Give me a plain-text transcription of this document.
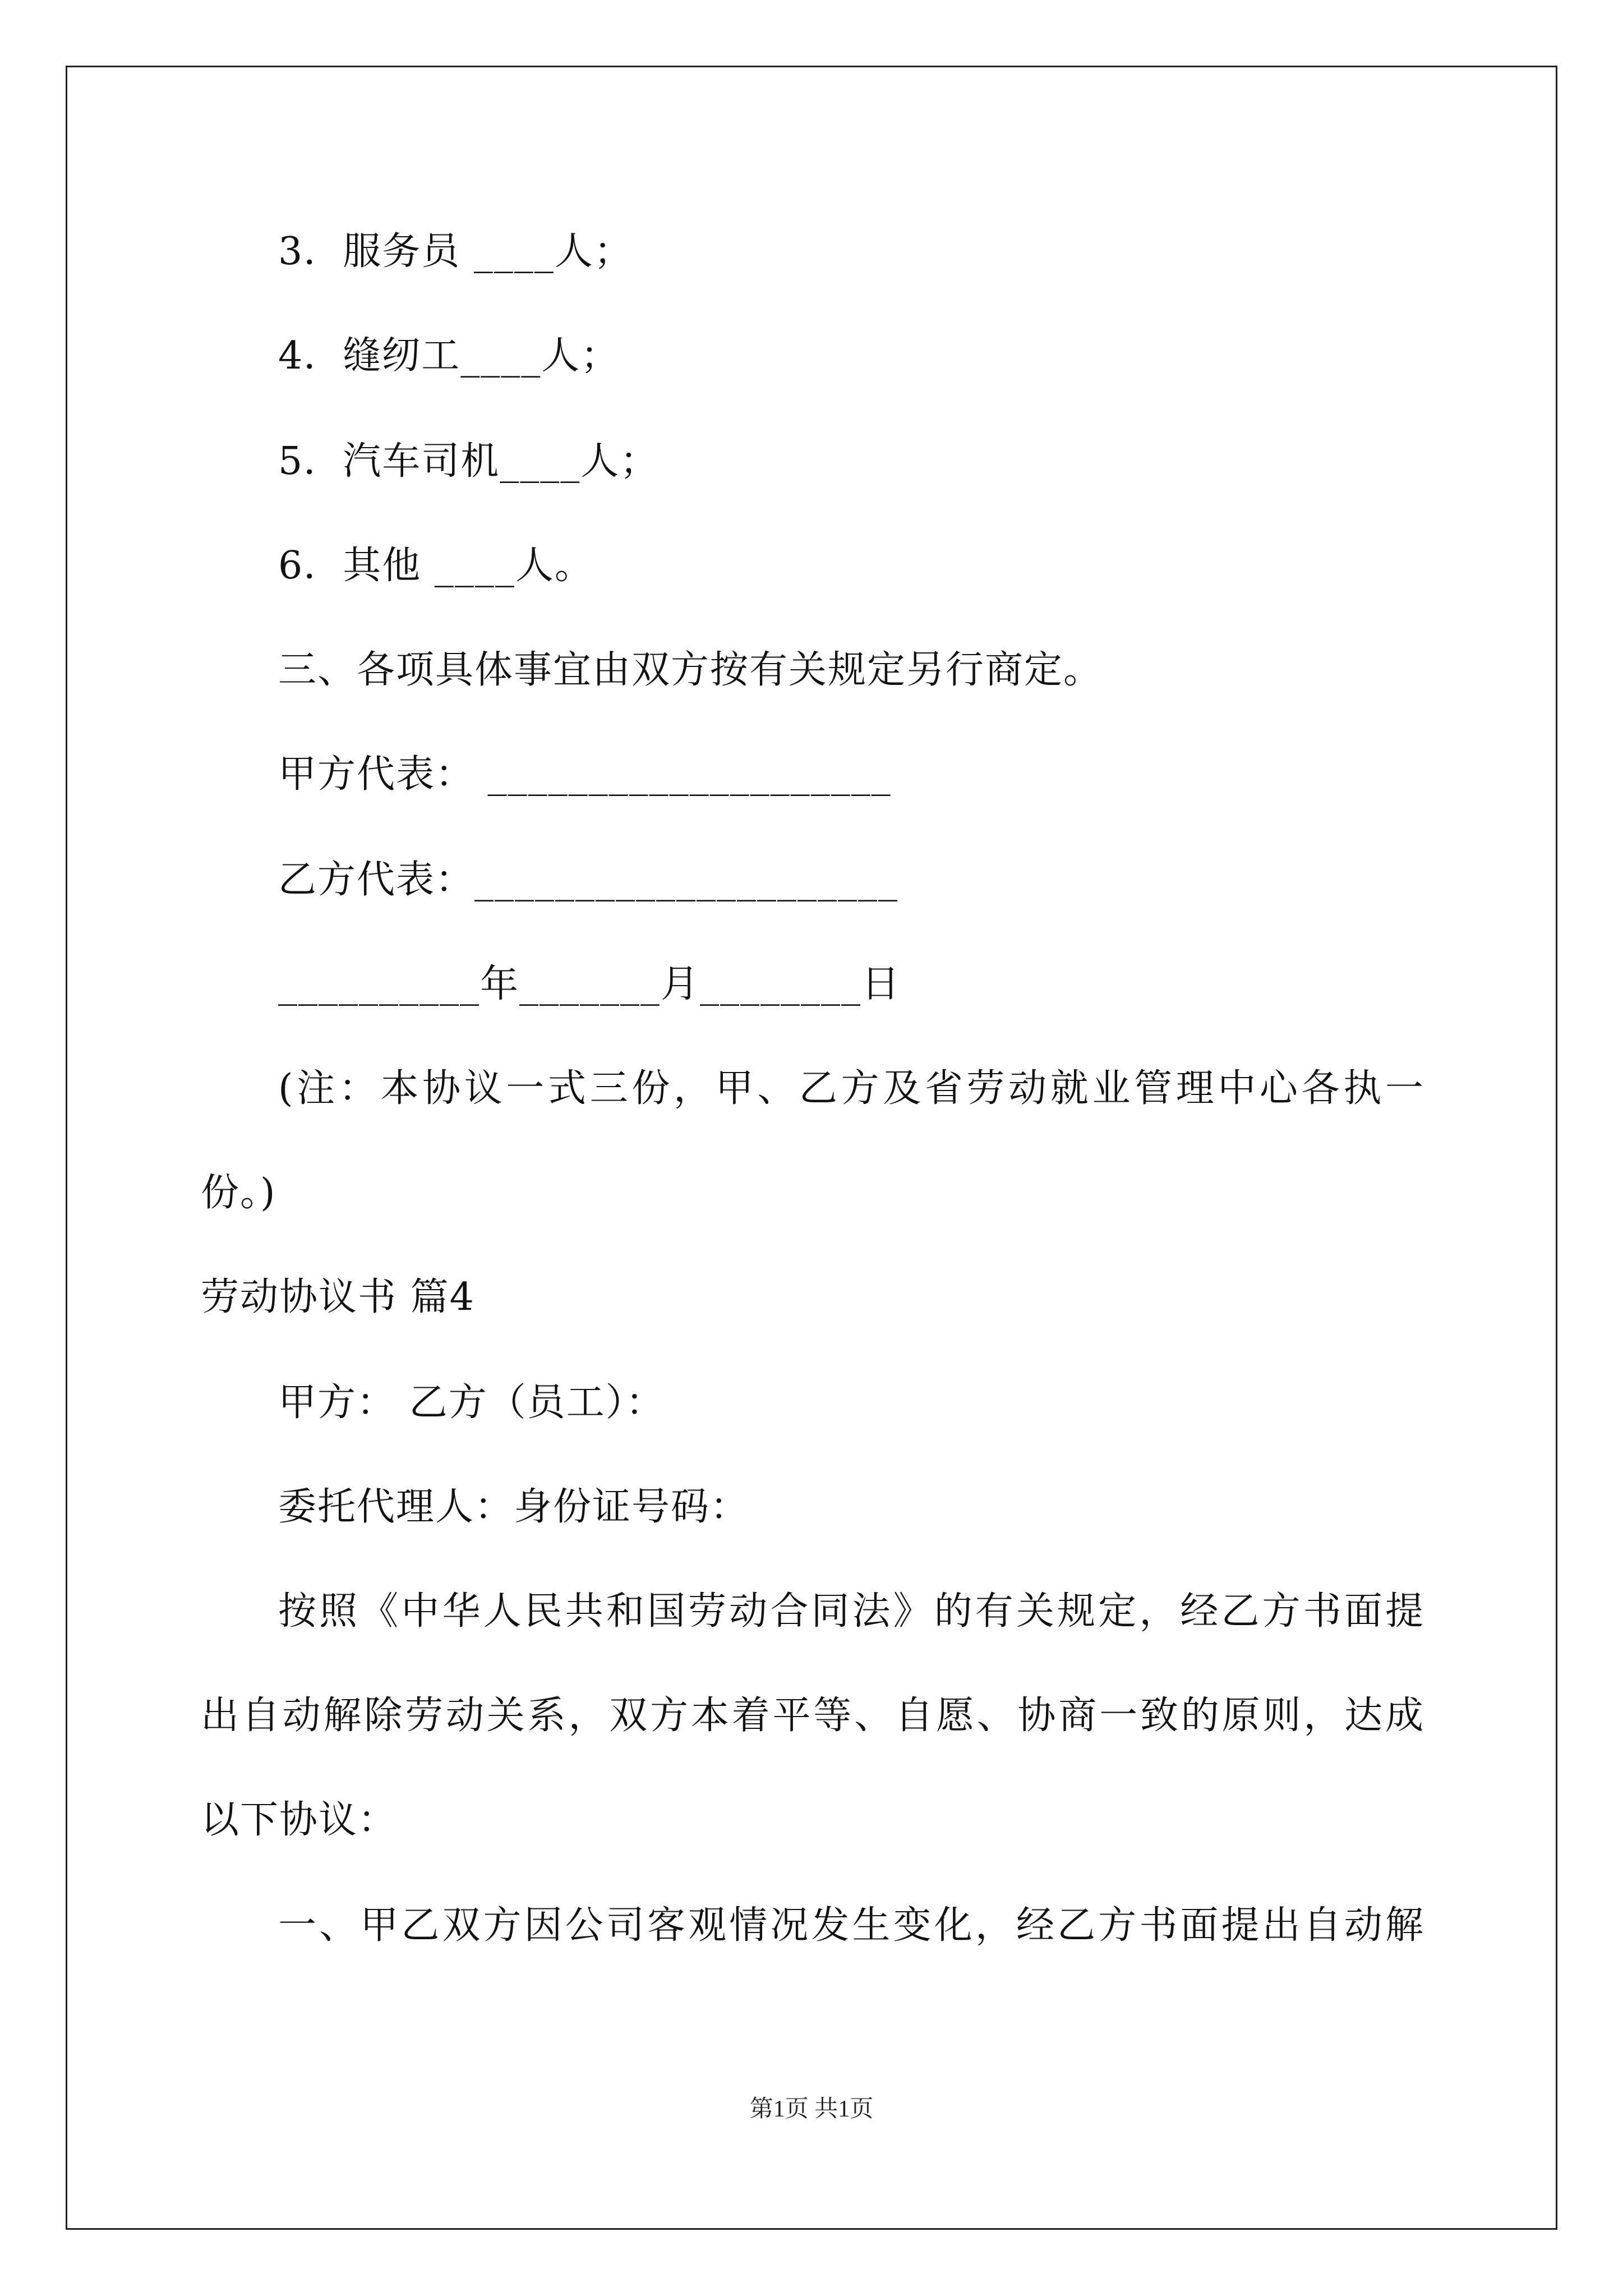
3．服务员 ____人；
4．缝纫工____人；
5．汽车司机____人；
6．其他 ____人。
三、各项具体事宜由双方按有关规定另行商定。
甲方代表： ____________________
乙方代表：_____________________
__________年_______月________日
(注：本协议一式三份，甲、乙方及省劳动就业管理中心各执一
份。)
劳动协议书 篇4
甲方： 乙方（员工）：
委托代理人：身份证号码：
按照《中华人民共和国劳动合同法》的有关规定，经乙方书面提
出自动解除劳动关系，双方本着平等、自愿、协商一致的原则，达成
以下协议：
一、甲乙双方因公司客观情况发生变化，经乙方书面提出自动解
第1页 共1页
